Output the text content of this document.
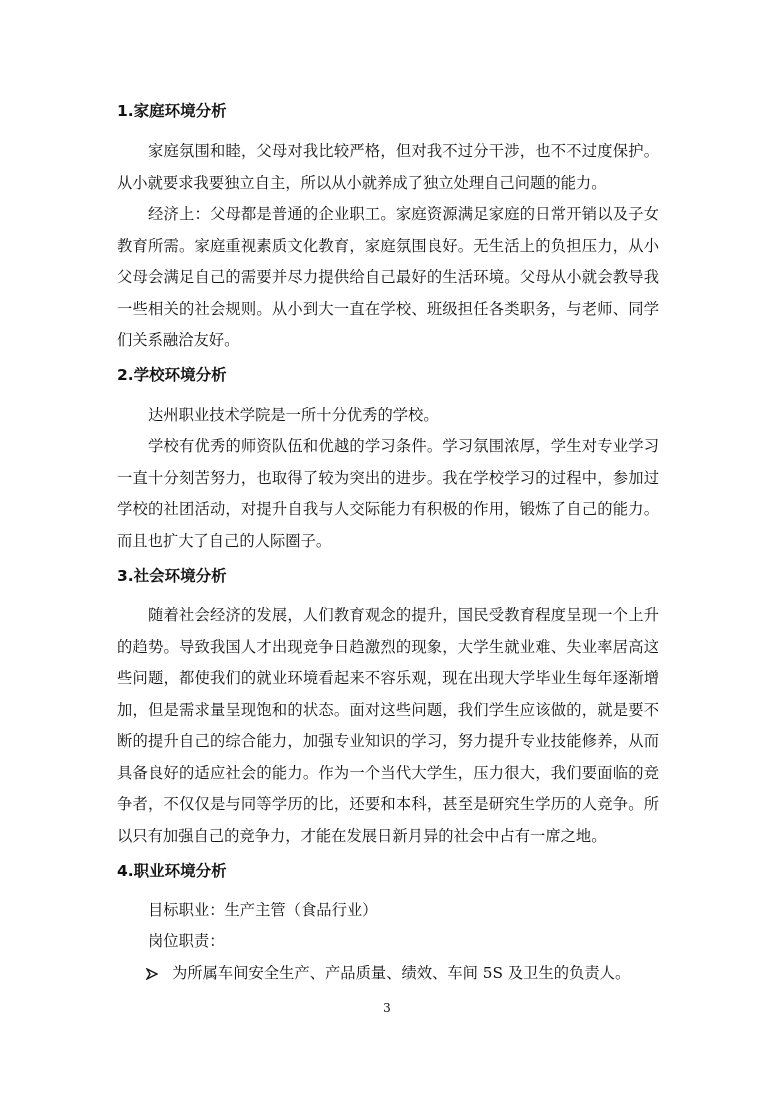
1.家庭环境分析

家庭氛围和睦，父母对我比较严格，但对我不过分干涉，也不不过度保护。从小就要求我要独立自主，所以从小就养成了独立处理自己问题的能力。

经济上：父母都是普通的企业职工。家庭资源满足家庭的日常开销以及子女教育所需。家庭重视素质文化教育，家庭氛围良好。无生活上的负担压力，从小父母会满足自己的需要并尽力提供给自己最好的生活环境。父母从小就会教导我一些相关的社会规则。从小到大一直在学校、班级担任各类职务，与老师、同学们关系融洽友好。

2.学校环境分析

达州职业技术学院是一所十分优秀的学校。

学校有优秀的师资队伍和优越的学习条件。学习氛围浓厚，学生对专业学习一直十分刻苦努力，也取得了较为突出的进步。我在学校学习的过程中，参加过学校的社团活动，对提升自我与人交际能力有积极的作用，锻炼了自己的能力。而且也扩大了自己的人际圈子。

3.社会环境分析

随着社会经济的发展，人们教育观念的提升，国民受教育程度呈现一个上升的趋势。导致我国人才出现竞争日趋激烈的现象，大学生就业难、失业率居高这些问题，都使我们的就业环境看起来不容乐观，现在出现大学毕业生每年逐渐增加，但是需求量呈现饱和的状态。面对这些问题，我们学生应该做的，就是要不断的提升自己的综合能力，加强专业知识的学习，努力提升专业技能修养，从而具备良好的适应社会的能力。作为一个当代大学生，压力很大，我们要面临的竞争者，不仅仅是与同等学历的比，还要和本科，甚至是研究生学历的人竞争。所以只有加强自己的竞争力，才能在发展日新月异的社会中占有一席之地。

4.职业环境分析
目标职业：生产主管（食品行业）
岗位职责：
为所属车间安全生产、产品质量、绩效、车间 5S 及卫生的负责人。
3
